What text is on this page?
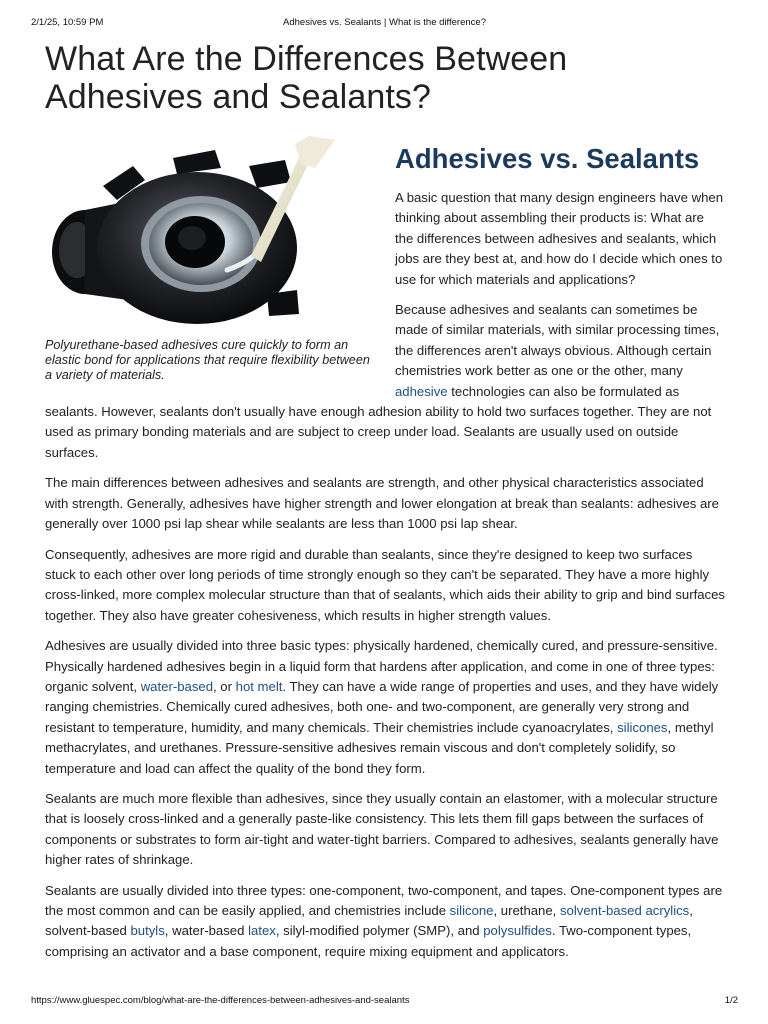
2/1/25, 10:59 PM	Adhesives vs. Sealants | What is the difference?
What Are the Differences Between Adhesives and Sealants?
Polyurethane-based adhesives cure quickly to form an elastic bond for applications that require flexibility between a variety of materials.
Adhesives vs. Sealants

A basic question that many design engineers have when thinking about assembling their products is: What are the differences between adhesives and sealants, which jobs are they best at, and how do I decide which ones to use for which materials and applications?

Because adhesives and sealants can sometimes be made of similar materials, with similar processing times, the differences aren't always obvious. Although certain chemistries work better as one or the other, many adhesive technologies can also be formulated as sealants. However, sealants don't usually have enough adhesion ability to hold two surfaces together. They are not used as primary bonding materials and are subject to creep under load. Sealants are usually used on outside surfaces.

The main differences between adhesives and sealants are strength, and other physical characteristics associated with strength. Generally, adhesives have higher strength and lower elongation at break than sealants: adhesives are generally over 1000 psi lap shear while sealants are less than 1000 psi lap shear.

Consequently, adhesives are more rigid and durable than sealants, since they're designed to keep two surfaces stuck to each other over long periods of time strongly enough so they can't be separated. They have a more highly cross-linked, more complex molecular structure than that of sealants, which aids their ability to grip and bind surfaces together. They also have greater cohesiveness, which results in higher strength values.

Adhesives are usually divided into three basic types: physically hardened, chemically cured, and pressure-sensitive. Physically hardened adhesives begin in a liquid form that hardens after application, and come in one of three types: organic solvent, water-based, or hot melt. They can have a wide range of properties and uses, and they have widely ranging chemistries. Chemically cured adhesives, both one- and two-component, are generally very strong and resistant to temperature, humidity, and many chemicals. Their chemistries include cyanoacrylates, silicones, methyl methacrylates, and urethanes. Pressure-sensitive adhesives remain viscous and don't completely solidify, so temperature and load can affect the quality of the bond they form.

Sealants are much more flexible than adhesives, since they usually contain an elastomer, with a molecular structure that is loosely cross-linked and a generally paste-like consistency. This lets them fill gaps between the surfaces of components or substrates to form air-tight and water-tight barriers. Compared to adhesives, sealants generally have higher rates of shrinkage.

Sealants are usually divided into three types: one-component, two-component, and tapes. One-component types are the most common and can be easily applied, and chemistries include silicone, urethane, solvent-based acrylics, solvent-based butyls, water-based latex, silyl-modified polymer (SMP), and polysulfides. Two-component types, comprising an activator and a base component, require mixing equipment and applicators.

https://www.gluespec.com/blog/what-are-the-differences-between-adhesives-and-sealants	1/2
